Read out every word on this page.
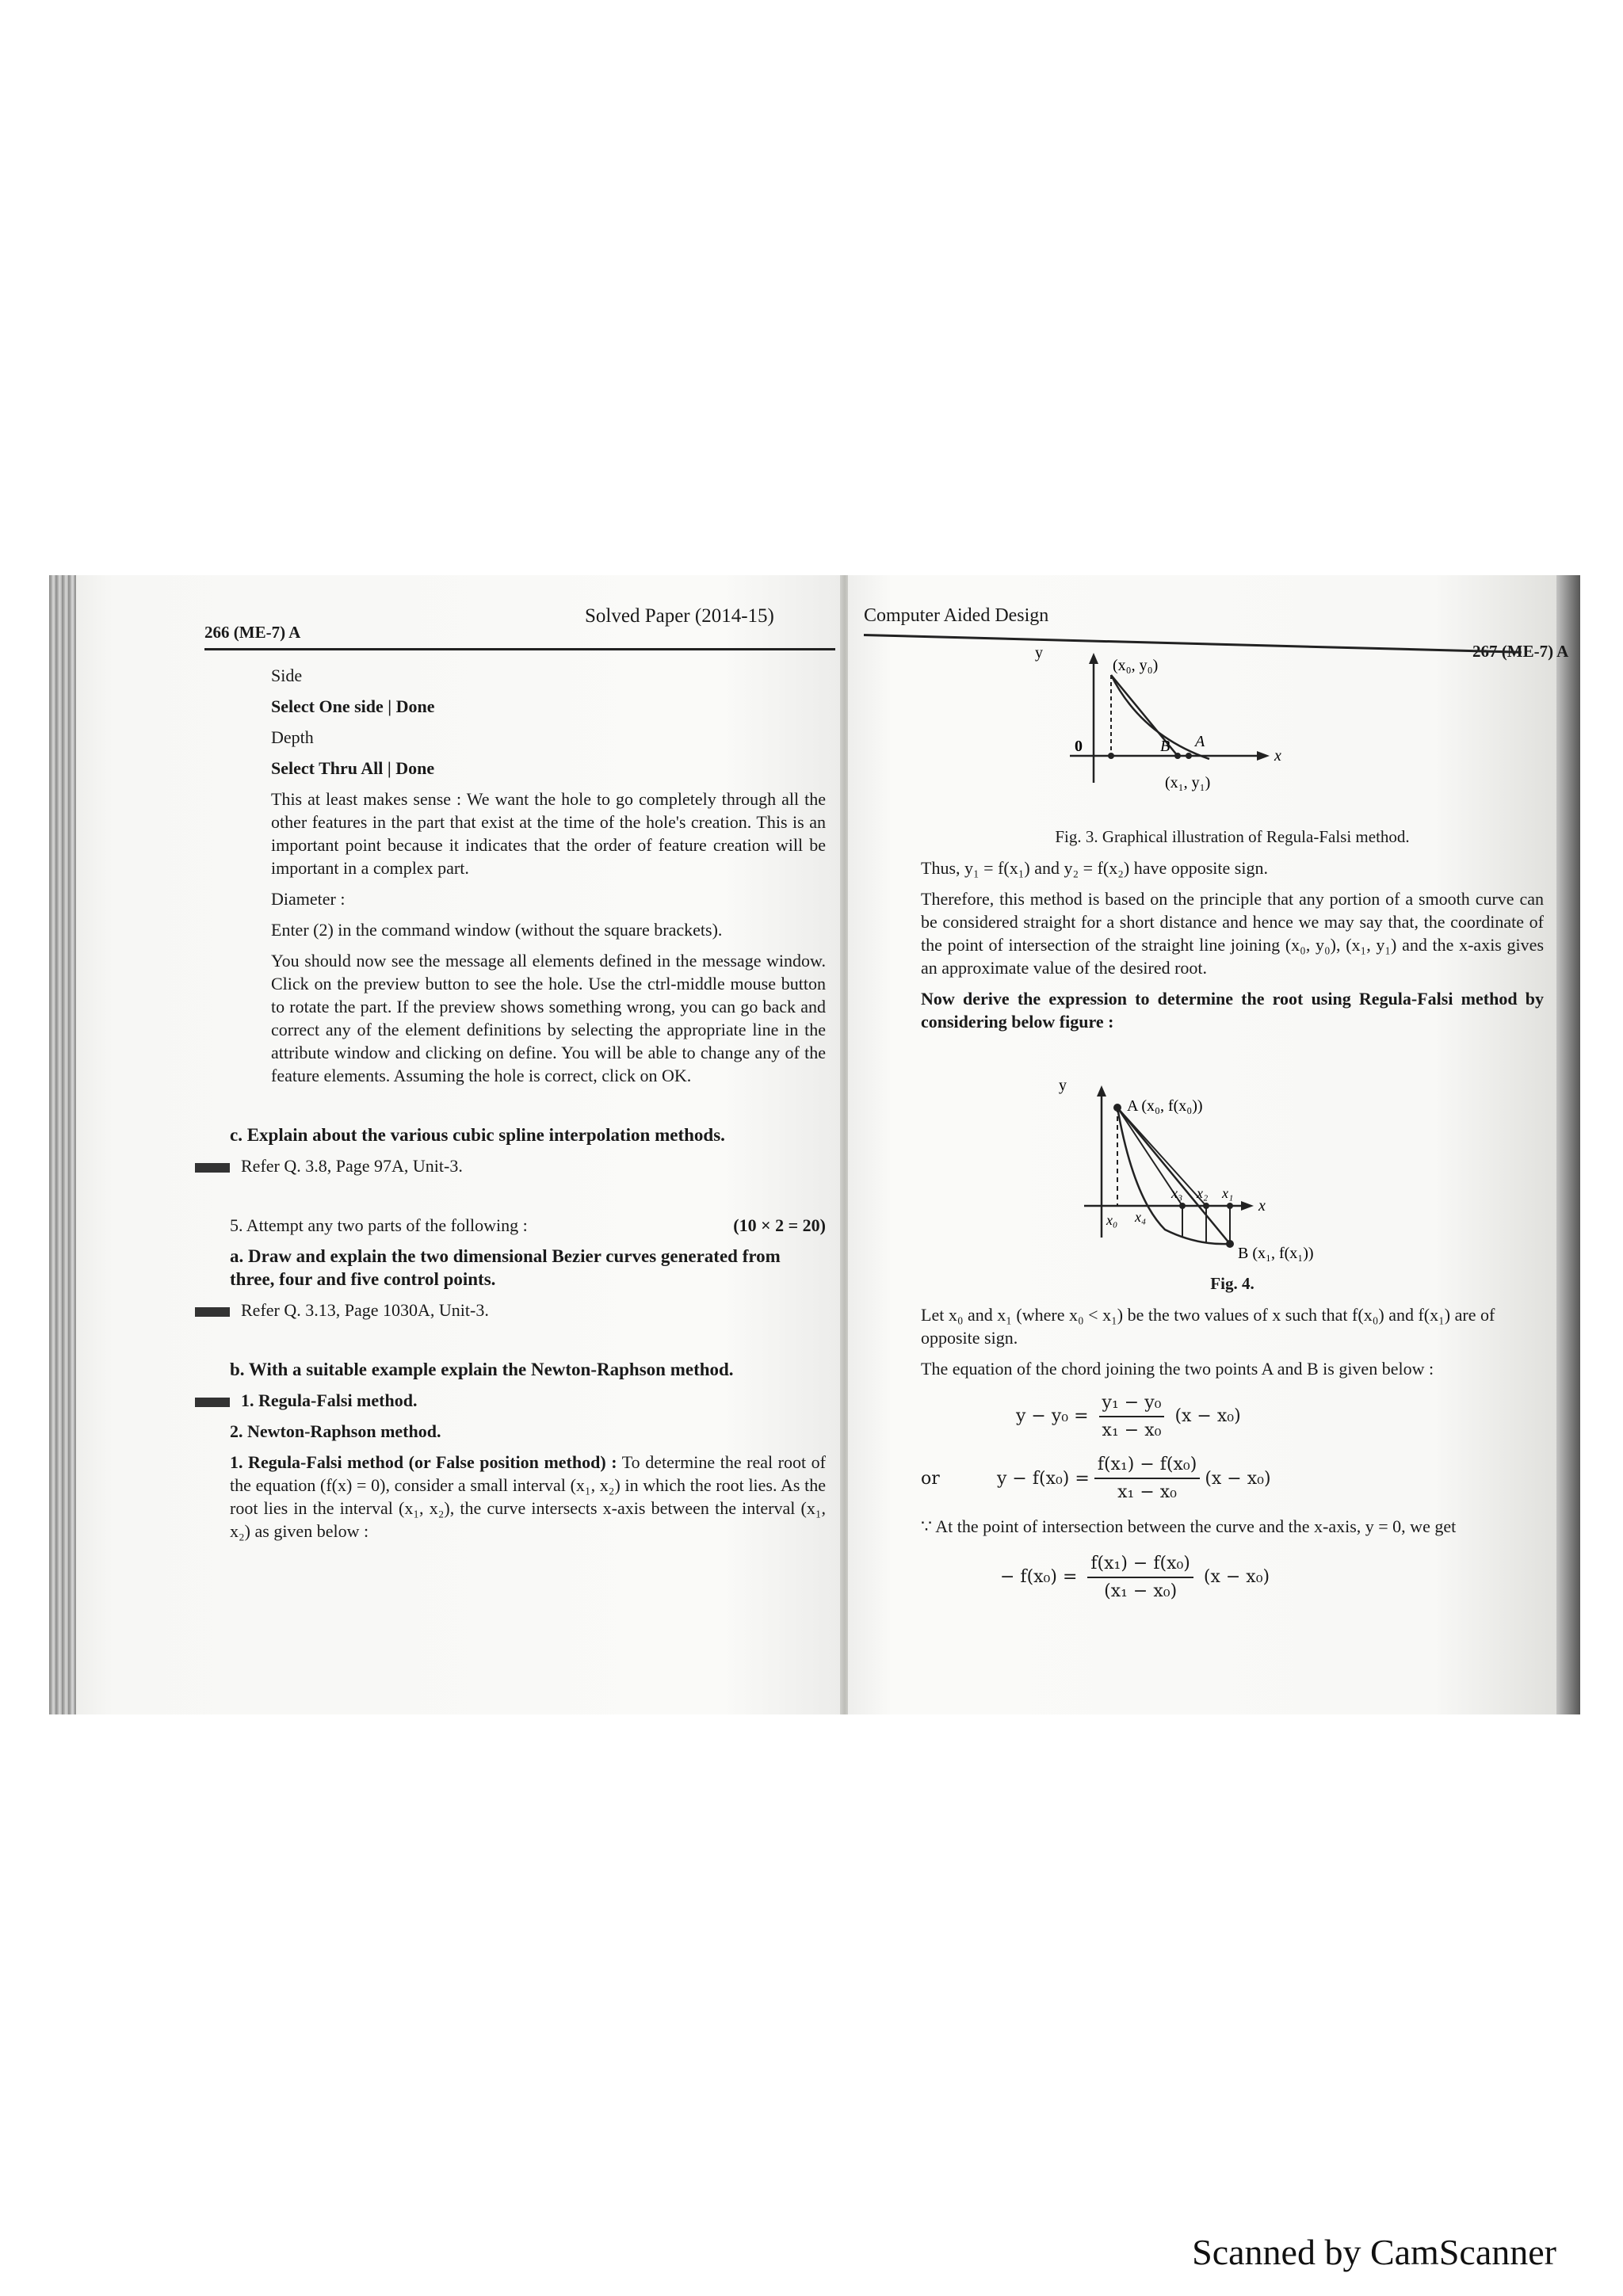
266 (ME-7) A
Solved Paper (2014-15)

Side

Select One side | Done

Depth

Select Thru All | Done

This at least makes sense : We want the hole to go completely through all the other features in the part that exist at the time of the hole's creation. This is an important point because it indicates that the order of feature creation will be important in a complex part.

Diameter :

Enter (2) in the command window (without the square brackets).

You should now see the message all elements defined in the message window. Click on the preview button to see the hole. Use the ctrl-middle mouse button to rotate the part. If the preview shows something wrong, you can go back and correct any of the element definitions by selecting the appropriate line in the attribute window and clicking on define. You will be able to change any of the feature elements. Assuming the hole is correct, click on OK.

c. Explain about the various cubic spline interpolation methods.

Refer Q. 3.8, Page 97A, Unit-3.

5. Attempt any two parts of the following :	(10 × 2 = 20)

a. Draw and explain the two dimensional Bezier curves generated from three, four and five control points.

Refer Q. 3.13, Page 1030A, Unit-3.

b. With a suitable example explain the Newton-Raphson method.

1. Regula-Falsi method.

2. Newton-Raphson method.

1. Regula-Falsi method (or False position method) : To determine the real root of the equation (f(x) = 0), consider a small interval (x₁, x₂) in which the root lies. As the root lies in the interval (x₁, x₂), the curve intersects x-axis between the interval (x₁, x₂) as given below :

Computer Aided Design
267 (ME-7) A
y
x
0
(x₀, y₀)
(x₁, y₁)
B A

Fig. 3. Graphical illustration of Regula-Falsi method.

Thus, y₁ = f(x₁) and y₂ = f(x₂) have opposite sign.

Therefore, this method is based on the principle that any portion of a smooth curve can be considered straight for a short distance and hence we may say that, the coordinate of the point of intersection of the straight line joining (x₀, y₀), (x₁, y₁) and the x-axis gives an approximate value of the desired root.

Now derive the expression to determine the root using Regula-Falsi method by considering below figure :

y
x
A (x₀, f(x₀))
B (x₁, f(x₁))
x₀ x₄
x₃ x₂ x₁

Fig. 4.

Let x₀ and x₁ (where x₀ < x₁) be the two values of x such that f(x₀) and f(x₁) are of opposite sign.

The equation of the chord joining the two points A and B is given below :

$y - y_0 = \frac{\text{y₁ − y₀}}{\text{x₁ − x₀}} (x - x_0)$
or	$y - f(x_0) = \frac{\text{f(x₁) − f(x₀)}}{\text{x₁ − x₀}} (x - x_0)$

∵ At the point of intersection between the curve and the x-axis, y = 0, we get

− $f(x_0) = \frac{\text{f(x₁) − f(x₀)}}{\text{(x₁ − x₀)}} (x - x_0)$
Scanned by CamScanner
